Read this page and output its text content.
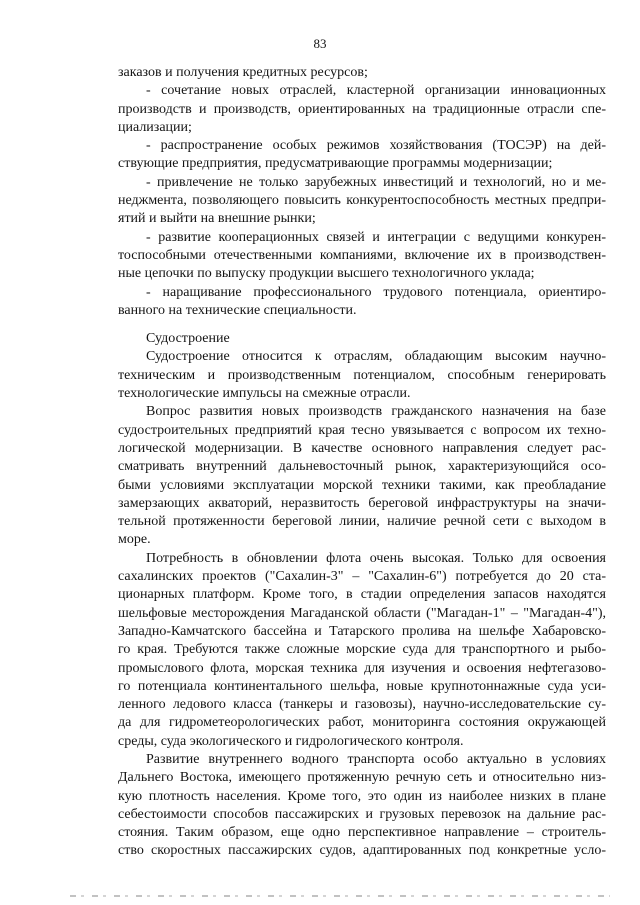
83
заказов и получения кредитных ресурсов;
- сочетание новых отраслей, кластерной организации инновационных
производств и производств, ориентированных на традиционные отрасли спе-
циализации;
- распространение особых режимов хозяйствования (ТОСЭР) на дей-
ствующие предприятия, предусматривающие программы модернизации;
- привлечение не только зарубежных инвестиций и технологий, но и ме-
неджмента, позволяющего повысить конкурентоспособность местных предпри-
ятий и выйти на внешние рынки;
- развитие кооперационных связей и интеграции с ведущими конкурен-
тоспособными отечественными компаниями, включение их в производствен-
ные цепочки по выпуску продукции высшего технологичного уклада;
- наращивание профессионального трудового потенциала, ориентиро-
ванного на технические специальности.
Судостроение
Судостроение относится к отраслям, обладающим высоким научно-
техническим и производственным потенциалом, способным генерировать
технологические импульсы на смежные отрасли.
Вопрос развития новых производств гражданского назначения на базе
судостроительных предприятий края тесно увязывается с вопросом их техно-
логической модернизации. В качестве основного направления следует рас-
сматривать внутренний дальневосточный рынок, характеризующийся осо-
быми условиями эксплуатации морской техники такими, как преобладание
замерзающих акваторий, неразвитость береговой инфраструктуры на значи-
тельной протяженности береговой линии, наличие речной сети с выходом в
море.
Потребность в обновлении флота очень высокая. Только для освоения
сахалинских проектов ("Сахалин-3" – "Сахалин-6") потребуется до 20 ста-
ционарных платформ. Кроме того, в стадии определения запасов находятся
шельфовые месторождения Магаданской области ("Магадан-1" – "Магадан-4"),
Западно-Камчатского бассейна и Татарского пролива на шельфе Хабаровско-
го края. Требуются также сложные морские суда для транспортного и рыбо-
промыслового флота, морская техника для изучения и освоения нефтегазово-
го потенциала континентального шельфа, новые крупнотоннажные суда уси-
ленного ледового класса (танкеры и газовозы), научно-исследовательские су-
да для гидрометеорологических работ, мониторинга состояния окружающей
среды, суда экологического и гидрологического контроля.
Развитие внутреннего водного транспорта особо актуально в условиях
Дальнего Востока, имеющего протяженную речную сеть и относительно низ-
кую плотность населения. Кроме того, это один из наиболее низких в плане
себестоимости способов пассажирских и грузовых перевозок на дальние рас-
стояния. Таким образом, еще одно перспективное направление – строитель-
ство скоростных пассажирских судов, адаптированных под конкретные усло-
